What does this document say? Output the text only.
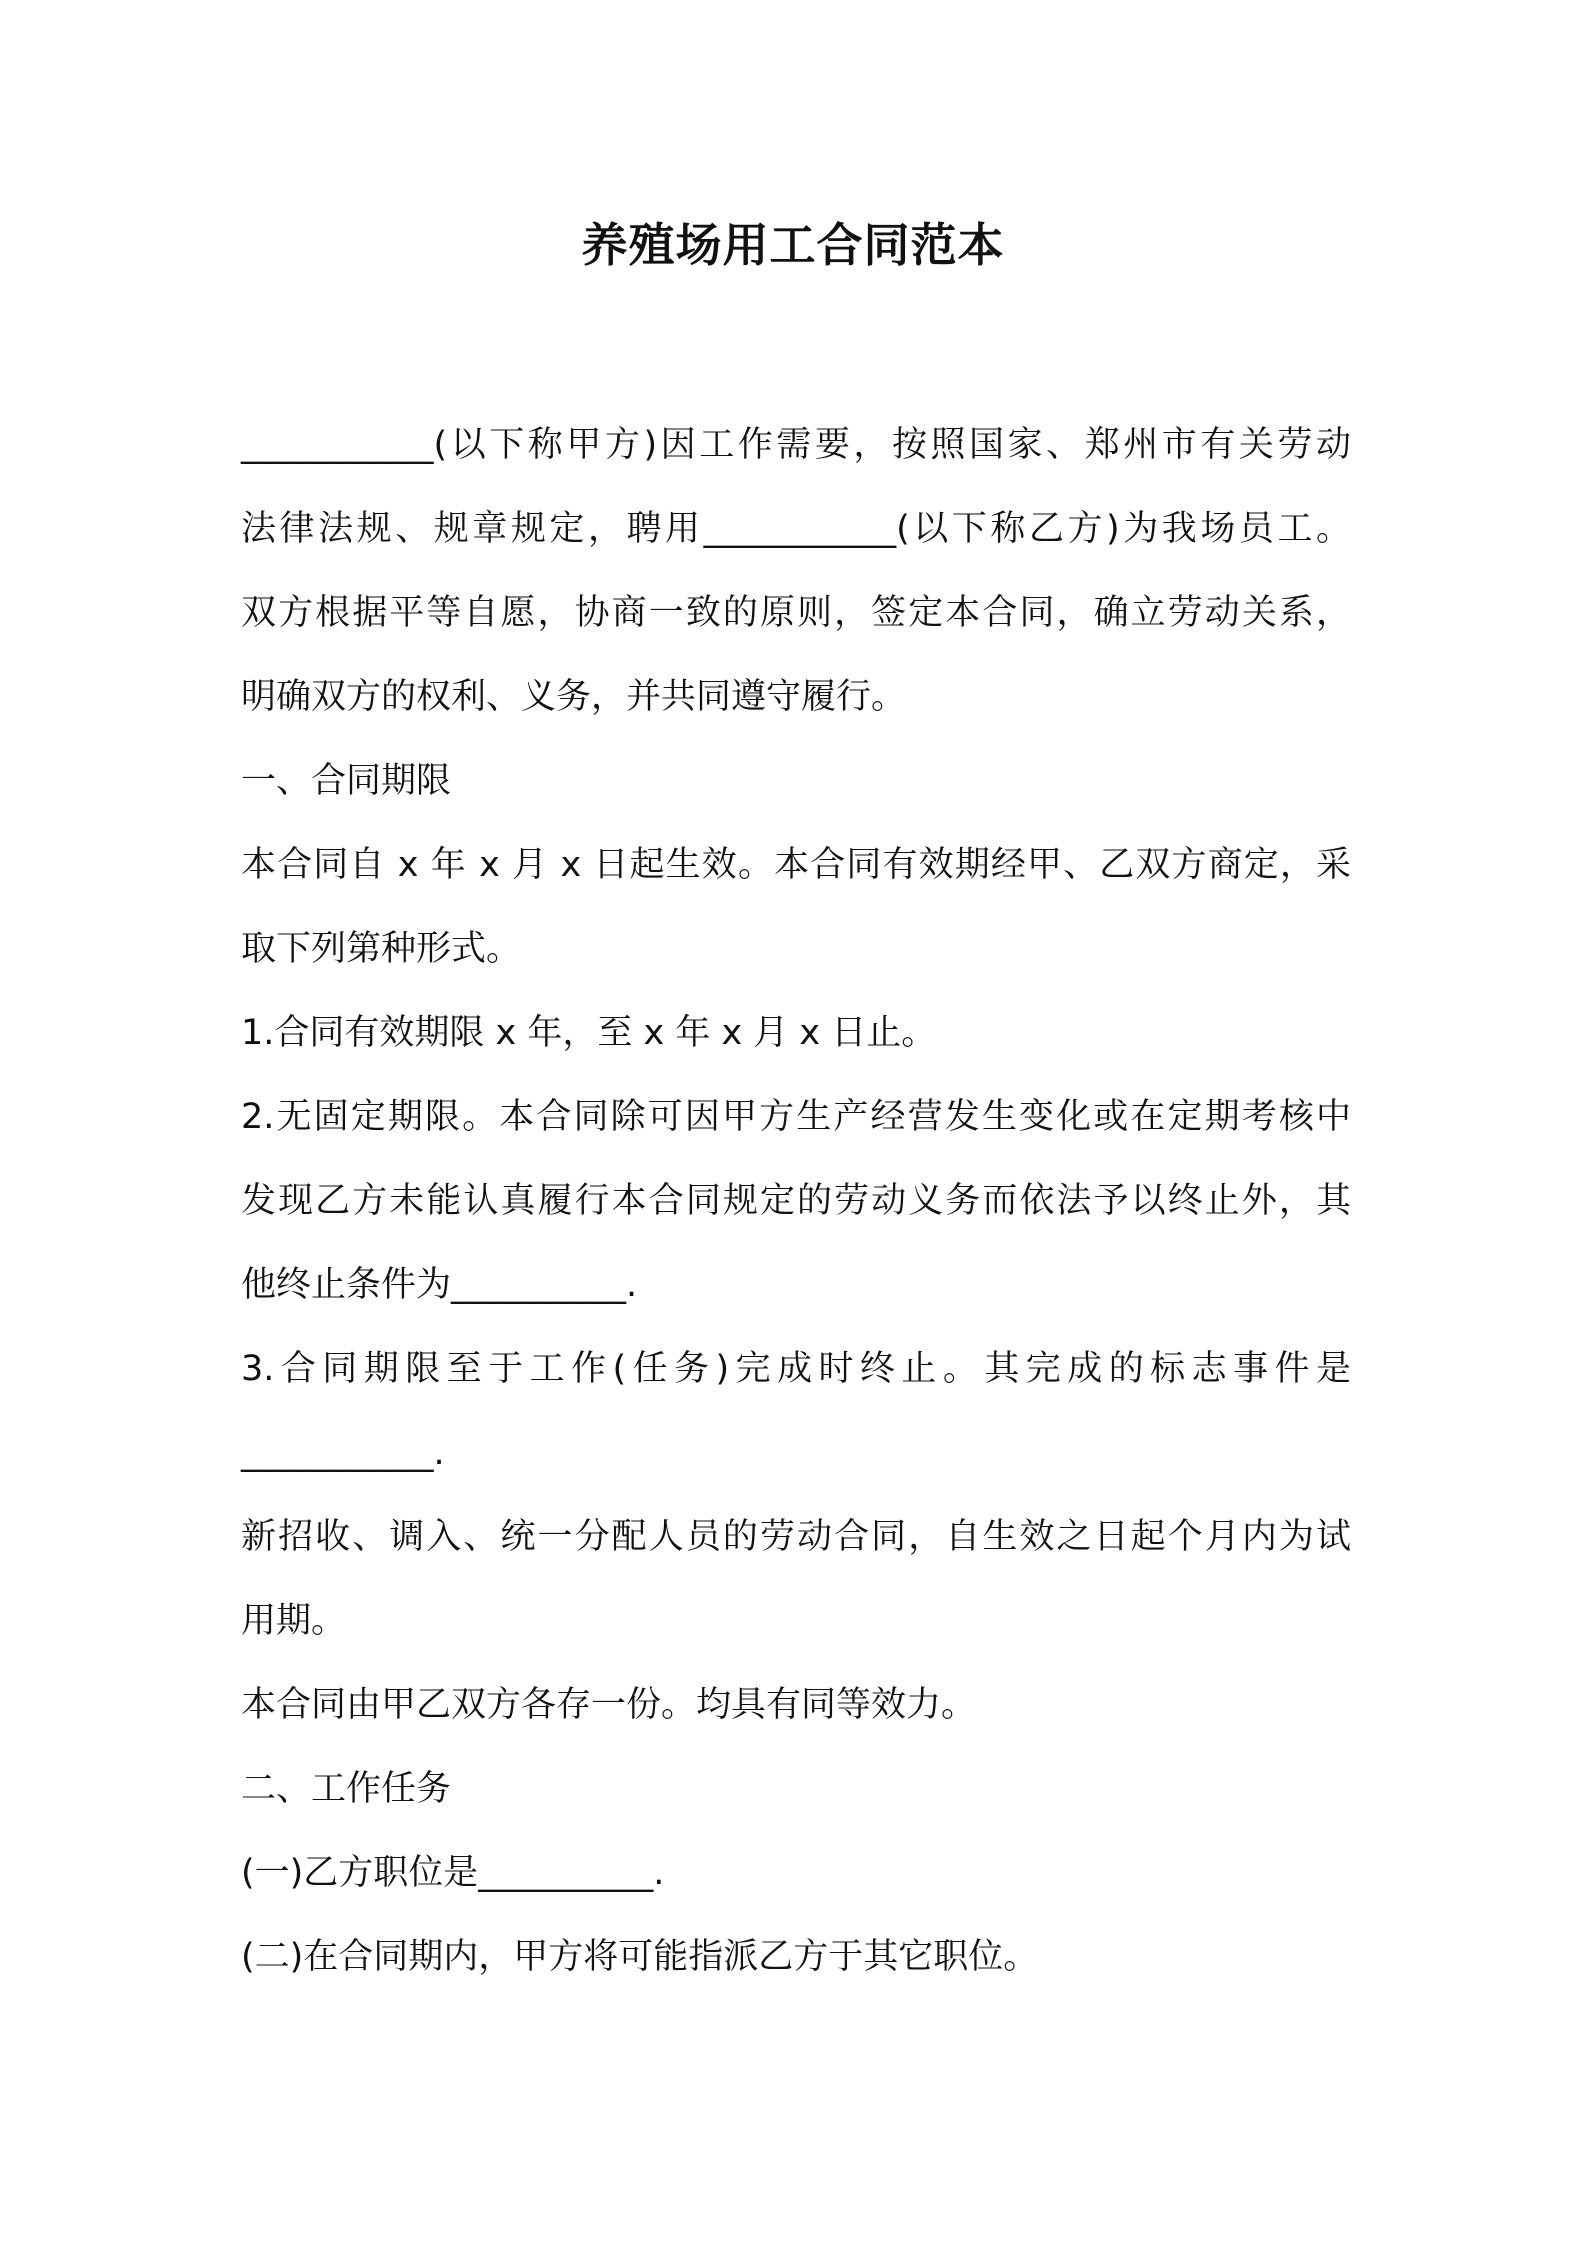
养殖场用工合同范本
___________(以下称甲方)因工作需要，按照国家、郑州市有关劳动
法律法规、规章规定，聘用___________(以下称乙方)为我场员工。
双方根据平等自愿，协商一致的原则，签定本合同，确立劳动关系，
明确双方的权利、义务，并共同遵守履行。
一、合同期限
本合同自 x 年 x 月 x 日起生效。本合同有效期经甲、乙双方商定，采
取下列第种形式。
1.合同有效期限 x 年，至 x 年 x 月 x 日止。
2.无固定期限。本合同除可因甲方生产经营发生变化或在定期考核中
发现乙方未能认真履行本合同规定的劳动义务而依法予以终止外，其
他终止条件为__________.
3.合同期限至于工作(任务)完成时终止。其完成的标志事件是
___________.
新招收、调入、统一分配人员的劳动合同，自生效之日起个月内为试
用期。
本合同由甲乙双方各存一份。均具有同等效力。
二、工作任务
(一)乙方职位是__________.
(二)在合同期内，甲方将可能指派乙方于其它职位。
